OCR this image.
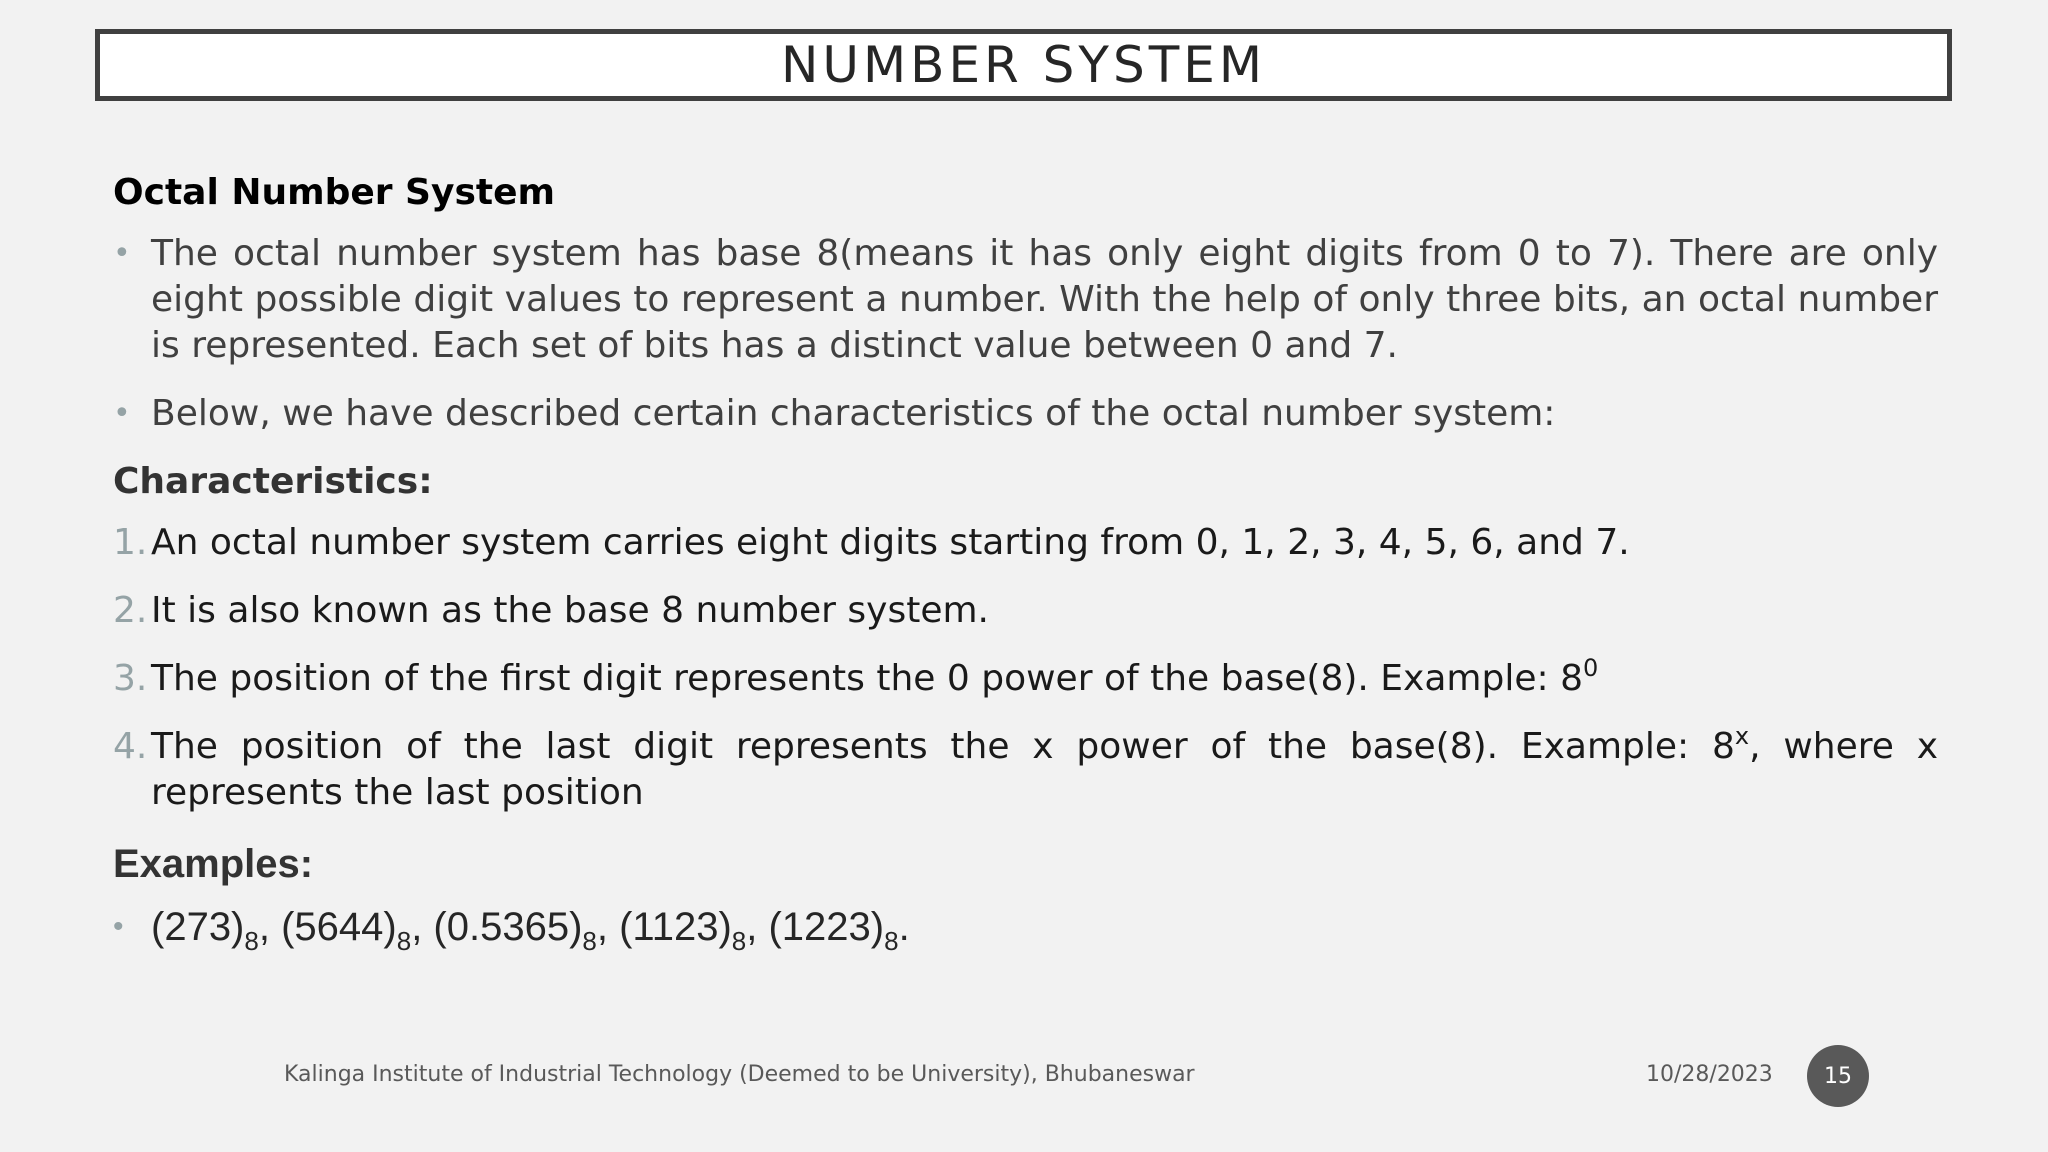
NUMBER SYSTEM
Octal Number System
• The octal number system has base 8(means it has only eight digits from 0 to 7). There are only eight possible digit values to represent a number. With the help of only three bits, an octal number is represented. Each set of bits has a distinct value between 0 and 7.
• Below, we have described certain characteristics of the octal number system:
Characteristics:
1. An octal number system carries eight digits starting from 0, 1, 2, 3, 4, 5, 6, and 7.
2. It is also known as the base 8 number system.
3. The position of the first digit represents the 0 power of the base(8). Example: $8^0$
4. The position of the last digit represents the x power of the base(8). Example: 8$^x$, where x represents the last position
Examples:
• $(273)_8$, $(5644)_8$, $(0.5365)_8$, $(1123)_8$, $(1223)_8$.
Kalinga Institute of Industrial Technology (Deemed to be University), Bhubaneswar	10/28/2023 15
